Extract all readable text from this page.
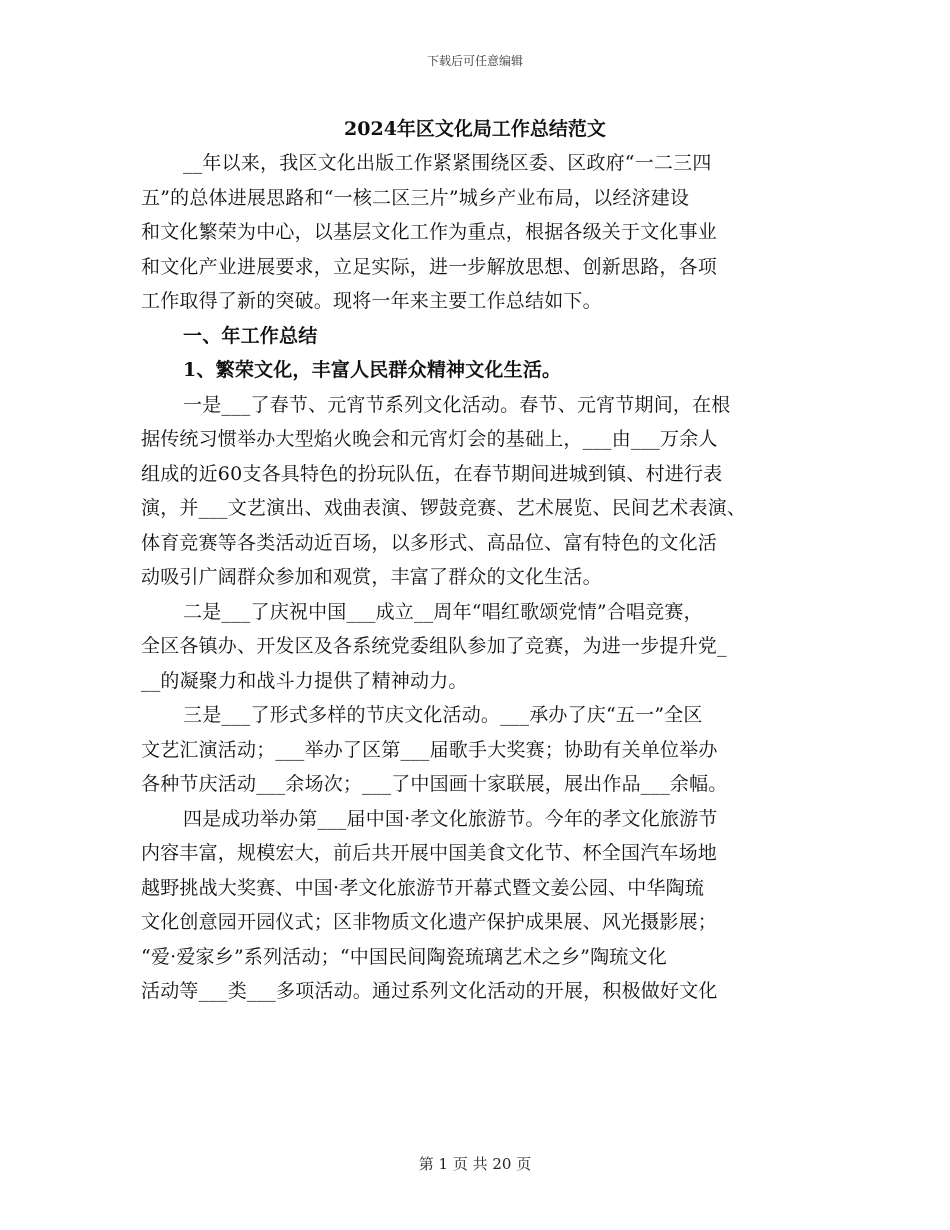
下载后可任意编辑
2024年区文化局工作总结范文
__年以来，我区文化出版工作紧紧围绕区委、区政府“一二三四
五”的总体进展思路和“一核二区三片”城乡产业布局，以经济建设
和文化繁荣为中心，以基层文化工作为重点，根据各级关于文化事业
和文化产业进展要求，立足实际，进一步解放思想、创新思路，各项
工作取得了新的突破。现将一年来主要工作总结如下。
一、年工作总结
1、繁荣文化，丰富人民群众精神文化生活。
一是___了春节、元宵节系列文化活动。春节、元宵节期间，在根
据传统习惯举办大型焰火晚会和元宵灯会的基础上，___由___万余人
组成的近60支各具特色的扮玩队伍，在春节期间进城到镇、村进行表
演，并___文艺演出、戏曲表演、锣鼓竞赛、艺术展览、民间艺术表演、
体育竞赛等各类活动近百场，以多形式、高品位、富有特色的文化活
动吸引广阔群众参加和观赏，丰富了群众的文化生活。
二是___了庆祝中国___成立__周年“唱红歌颂党情”合唱竞赛，
全区各镇办、开发区及各系统党委组队参加了竞赛，为进一步提升党_
__的凝聚力和战斗力提供了精神动力。
三是___了形式多样的节庆文化活动。___承办了庆“五一”全区
文艺汇演活动；___举办了区第___届歌手大奖赛；协助有关单位举办
各种节庆活动___余场次；___了中国画十家联展，展出作品___余幅。
四是成功举办第___届中国·孝文化旅游节。今年的孝文化旅游节
内容丰富，规模宏大，前后共开展中国美食文化节、杯全国汽车场地
越野挑战大奖赛、中国·孝文化旅游节开幕式暨文姜公园、中华陶琉
文化创意园开园仪式；区非物质文化遗产保护成果展、风光摄影展；
“爱·爱家乡”系列活动；“中国民间陶瓷琉璃艺术之乡”陶琉文化
活动等___类___多项活动。通过系列文化活动的开展，积极做好文化
第 1 页 共 20 页
